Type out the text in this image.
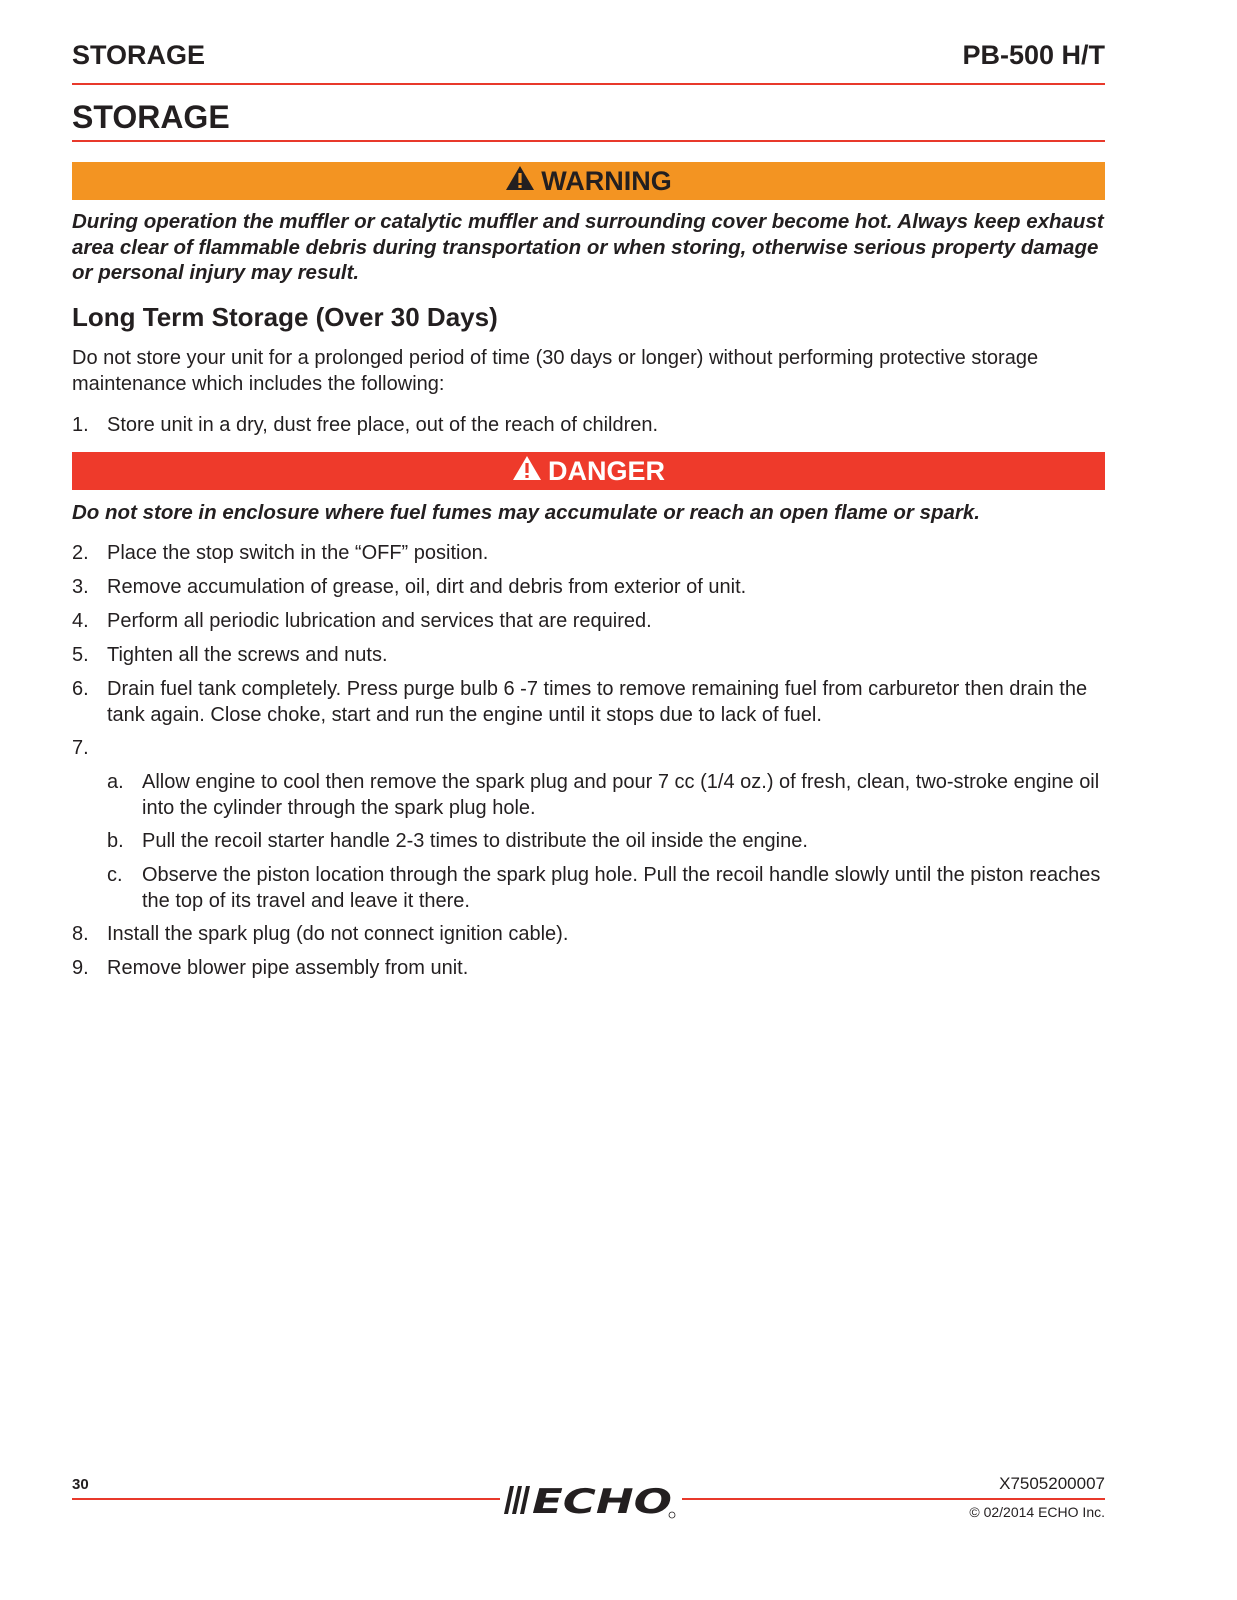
STORAGE	PB-500 H/T
STORAGE
WARNING
During operation the muffler or catalytic muffler and surrounding cover become hot. Always keep exhaust area clear of flammable debris during transportation or when storing, otherwise serious property damage or personal injury may result.
Long Term Storage (Over 30 Days)
Do not store your unit for a prolonged period of time (30 days or longer) without performing protective storage maintenance which includes the following:
1. Store unit in a dry, dust free place, out of the reach of children.
DANGER
Do not store in enclosure where fuel fumes may accumulate or reach an open flame or spark.
2. Place the stop switch in the “OFF” position.
3. Remove accumulation of grease, oil, dirt and debris from exterior of unit.
4. Perform all periodic lubrication and services that are required.
5. Tighten all the screws and nuts.
6. Drain fuel tank completely. Press purge bulb 6 -7 times to remove remaining fuel from carburetor then drain the tank again. Close choke, start and run the engine until it stops due to lack of fuel.
7.
a. Allow engine to cool then remove the spark plug and pour 7 cc (1/4 oz.) of fresh, clean, two-stroke engine oil into the cylinder through the spark plug hole.
b. Pull the recoil starter handle 2-3 times to distribute the oil inside the engine.
c. Observe the piston location through the spark plug hole. Pull the recoil handle slowly until the piston reaches the top of its travel and leave it there.
8. Install the spark plug (do not connect ignition cable).
9. Remove blower pipe assembly from unit.
30	ECHO	X7505200007
© 02/2014 ECHO Inc.
